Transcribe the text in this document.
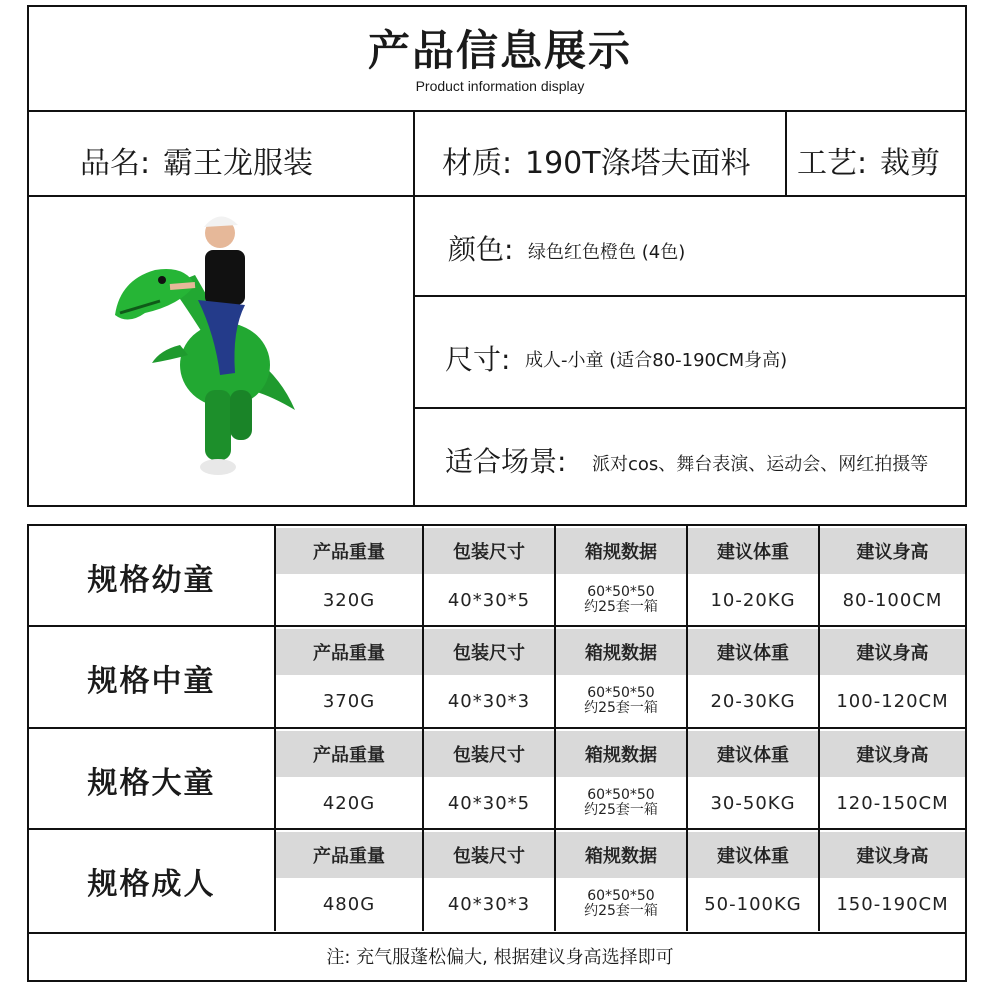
产品信息展示
Product information display
品名: 霸王龙服装	材质: 190T涤塔夫面料 工艺: 裁剪
颜色: 绿色红色橙色 (4色)
尺寸: 成人-小童 (适合80-190CM身高)
适合场景: 派对cos、舞台表演、运动会、网红拍摄等
规格幼童
产品重量
320G
包装尺寸
40*30*5
箱规数据
60*50*50
约25套一箱
建议体重
10-20KG
建议身高
80-100CM
规格中童
产品重量
370G
包装尺寸
40*30*3
箱规数据
60*50*50
约25套一箱
建议体重
20-30KG
建议身高
100-120CM
规格大童
产品重量
420G
包装尺寸
40*30*5
箱规数据
60*50*50
约25套一箱
建议体重
30-50KG
建议身高
120-150CM
规格成人
产品重量
480G
包装尺寸
40*30*3
箱规数据
60*50*50
约25套一箱
建议体重
50-100KG
建议身高
150-190CM
注: 充气服蓬松偏大, 根据建议身高选择即可
